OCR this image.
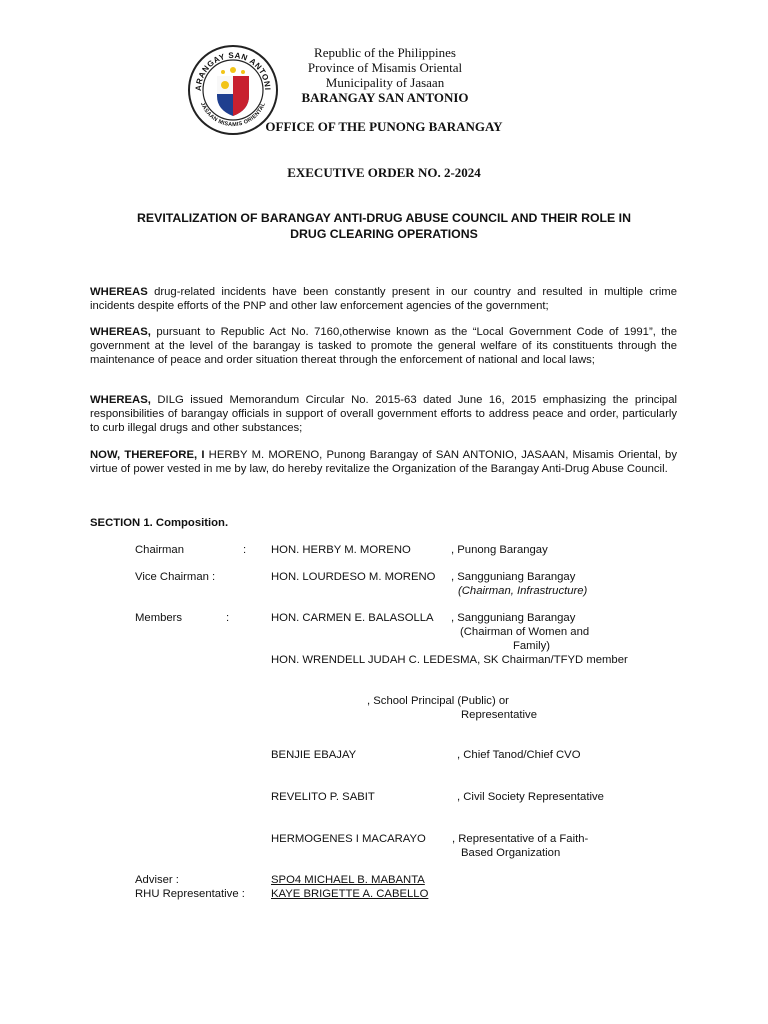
ARANGAY SAN ANTONI
JASAAN MISAMIS ORIENTAL
Republic of the Philippines
Province of Misamis Oriental
Municipality of Jasaan
BARANGAY SAN ANTONIO
OFFICE OF THE PUNONG BARANGAY
EXECUTIVE ORDER NO. 2-2024
REVITALIZATION OF BARANGAY ANTI-DRUG ABUSE COUNCIL AND THEIR ROLE IN
DRUG CLEARING OPERATIONS
WHEREAS drug-related incidents have been constantly present in our country and resulted in multiple crime incidents despite efforts of the PNP and other law enforcement agencies of the government;
WHEREAS, pursuant to Republic Act No. 7160,otherwise known as the “Local Government Code of 1991”, the government at the level of the barangay is tasked to promote the general welfare of its constituents through the maintenance of peace and order situation thereat through the enforcement of national and local laws;
WHEREAS, DILG issued Memorandum Circular No. 2015-63 dated June 16, 2015 emphasizing the principal responsibilities of barangay officials in support of overall government efforts to address peace and order, particularly to curb illegal drugs and other substances;
NOW, THEREFORE, I HERBY M. MORENO, Punong Barangay of SAN ANTONIO, JASAAN, Misamis Oriental, by virtue of power vested in me by law, do hereby revitalize the Organization of the Barangay Anti-Drug Abuse Council.
SECTION 1. Composition.
Chairman	: HON. HERBY M. MORENO	, Punong Barangay
Vice Chairman :	HON. LOURDESO M. MORENO , Sangguniang Barangay
(Chairman, Infrastructure)
Members	:	HON. CARMEN E. BALASOLLA , Sangguniang Barangay
(Chairman of Women and
Family)
HON. WRENDELL JUDAH C. LEDESMA, SK Chairman/TFYD member
, School Principal (Public) or
Representative
BENJIE EBAJAY	, Chief Tanod/Chief CVO
REVELITO P. SABIT	, Civil Society Representative
HERMOGENES I MACARAYO , Representative of a Faith-
Based Organization
Adviser :	SPO4 MICHAEL B. MABANTA
RHU Representative : KAYE BRIGETTE A. CABELLO
